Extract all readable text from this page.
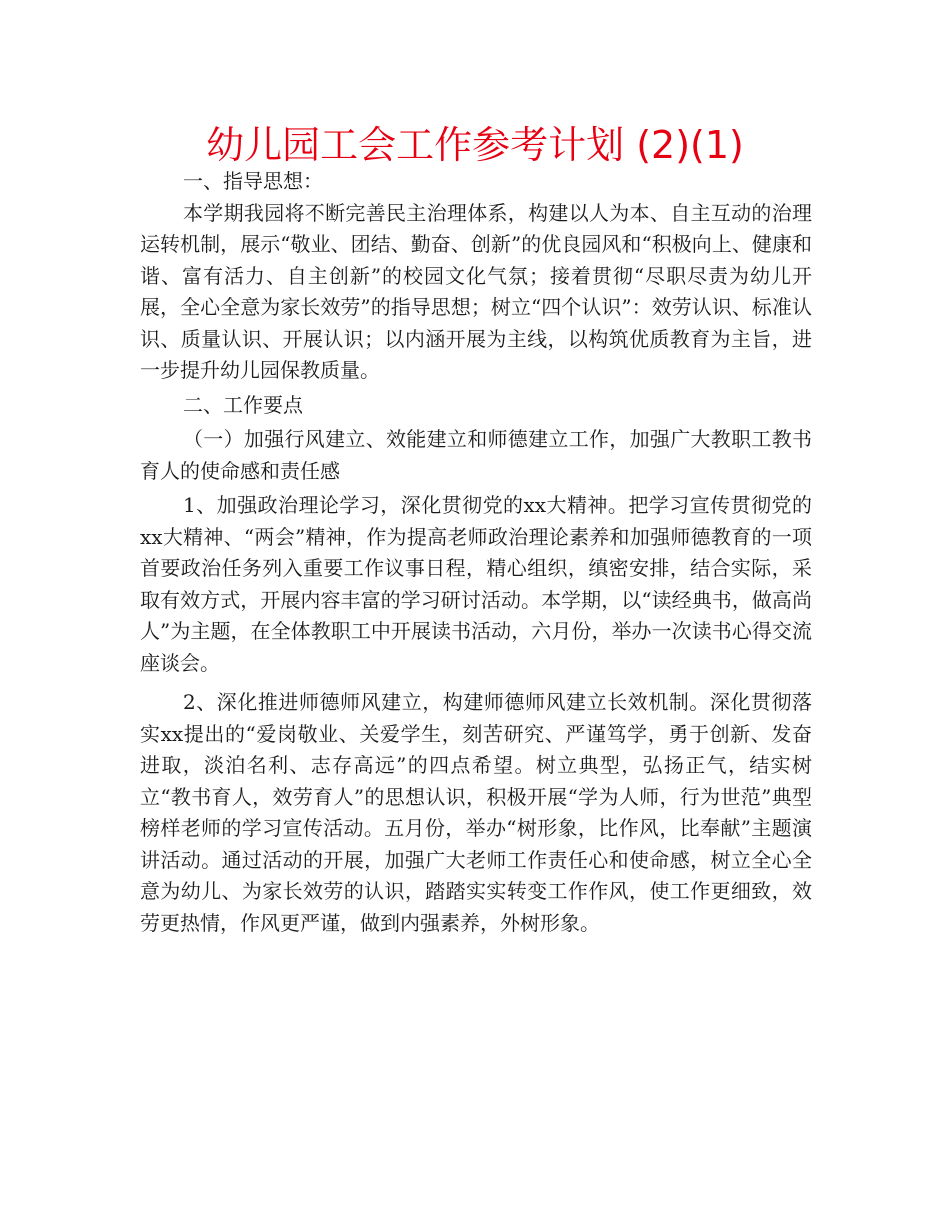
幼儿园工会工作参考计划 (2)(1)

一、指导思想：

本学期我园将不断完善民主治理体系，构建以人为本、自主互动的治理运转机制，展示“敬业、团结、勤奋、创新”的优良园风和“积极向上、健康和谐、富有活力、自主创新”的校园文化气氛；接着贯彻“尽职尽责为幼儿开展，全心全意为家长效劳”的指导思想；树立“四个认识”：效劳认识、标准认识、质量认识、开展认识；以内涵开展为主线，以构筑优质教育为主旨，进一步提升幼儿园保教质量。

二、工作要点

（一）加强行风建立、效能建立和师德建立工作，加强广大教职工教书育人的使命感和责任感

1、加强政治理论学习，深化贯彻党的xx大精神。把学习宣传贯彻党的xx大精神、“两会”精神，作为提高老师政治理论素养和加强师德教育的一项首要政治任务列入重要工作议事日程，精心组织，缜密安排，结合实际，采取有效方式，开展内容丰富的学习研讨活动。本学期，以“读经典书，做高尚人”为主题，在全体教职工中开展读书活动，六月份，举办一次读书心得交流座谈会。

2、深化推进师德师风建立，构建师德师风建立长效机制。深化贯彻落实xx提出的“爱岗敬业、关爱学生，刻苦研究、严谨笃学，勇于创新、发奋进取，淡泊名利、志存高远”的四点希望。树立典型，弘扬正气，结实树立“教书育人，效劳育人”的思想认识，积极开展“学为人师，行为世范”典型榜样老师的学习宣传活动。五月份，举办“树形象，比作风，比奉献”主题演讲活动。通过活动的开展，加强广大老师工作责任心和使命感，树立全心全意为幼儿、为家长效劳的认识，踏踏实实转变工作作风，使工作更细致，效劳更热情，作风更严谨，做到内强素养，外树形象。
